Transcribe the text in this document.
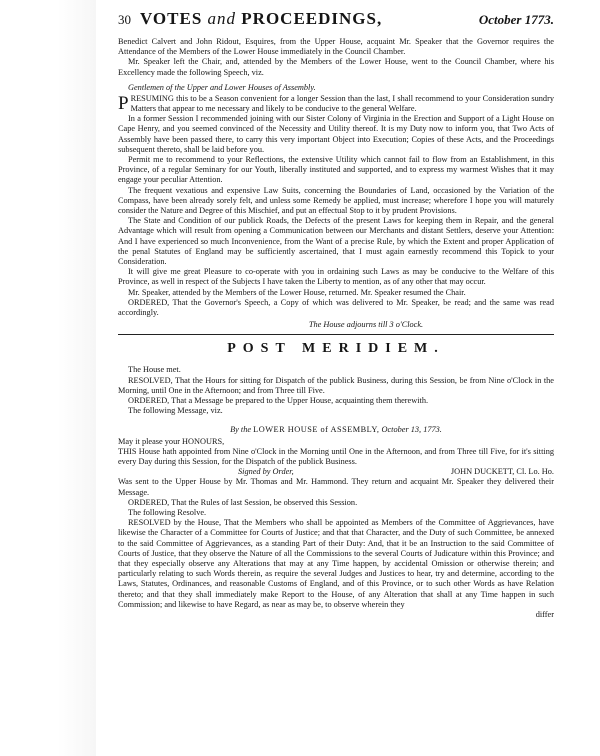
30 VOTES and PROCEEDINGS,	October 1773.

Benedict Calvert and John Ridout, Esquires, from the Upper House, acquaint Mr. Speaker that the Governor requires the Attendance of the Members of the Lower House immediately in the Council Chamber.

Mr. Speaker left the Chair, and, attended by the Members of the Lower House, went to the Council Chamber, where his Excellency made the following Speech, viz.

Gentlemen of the Upper and Lower Houses of Assembly.

PRESUMING this to be a Season convenient for a longer Session than the last, I shall recommend to your Consideration sundry Matters that appear to me necessary and likely to be conducive to the general Welfare.

In a former Session I recommended joining with our Sister Colony of Virginia in the Erection and Support of a Light House on Cape Henry, and you seemed convinced of the Necessity and Utility thereof. It is my Duty now to inform you, that Two Acts of Assembly have been passed there, to carry this very important Object into Execution; Copies of these Acts, and the Proceedings subsequent thereto, shall be laid before you.

Permit me to recommend to your Reflections, the extensive Utility which cannot fail to flow from an Establishment, in this Province, of a regular Seminary for our Youth, liberally instituted and supported, and to express my warmest Wishes that it may engage your peculiar Attention.

The frequent vexatious and expensive Law Suits, concerning the Boundaries of Land, occasioned by the Variation of the Compass, have been already sorely felt, and unless some Remedy be applied, must increase; wherefore I hope you will maturely consider the Nature and Degree of this Mischief, and put an effectual Stop to it by prudent Provisions.

The State and Condition of our publick Roads, the Defects of the present Laws for keeping them in Repair, and the general Advantage which will result from opening a Communication between our Merchants and distant Settlers, deserve your Attention: And I have experienced so much Inconvenience, from the Want of a precise Rule, by which the Extent and proper Application of the penal Statutes of England may be sufficiently ascertained, that I must again earnestly recommend this Topick to your Consideration.

It will give me great Pleasure to co-operate with you in ordaining such Laws as may be conducive to the Welfare of this Province, as well in respect of the Subjects I have taken the Liberty to mention, as of any other that may occur.

Mr. Speaker, attended by the Members of the Lower House, returned. Mr. Speaker resumed the Chair.

ORDERED, That the Governor's Speech, a Copy of which was delivered to Mr. Speaker, be read; and the same was read accordingly.

The House adjourns till 3 o'Clock.

POST MERIDIEM.

The House met.

RESOLVED, That the Hours for sitting for Dispatch of the publick Business, during this Session, be from Nine o'Clock in the Morning, until One in the Afternoon; and from Three till Five.

ORDERED, That a Message be prepared to the Upper House, acquainting them therewith.

The following Message, viz.

By the LOWER HOUSE of ASSEMBLY, October 13, 1773.

May it please your HONOURS,

THIS House hath appointed from Nine o'Clock in the Morning until One in the Afternoon, and from Three till Five, for it's sitting every Day during this Session, for the Dispatch of the publick Business.

Signed by Order,	JOHN DUCKETT, Cl. Lo. Ho.

Was sent to the Upper House by Mr. Thomas and Mr. Hammond. They return and acquaint Mr. Speaker they delivered their Message.

ORDERED, That the Rules of last Session, be observed this Session.

The following Resolve.

RESOLVED by the House, That the Members who shall be appointed as Members of the Committee of Aggrievances, have likewise the Character of a Committee for Courts of Justice; and that that Character, and the Duty of such Committee, be annexed to the said Committee of Aggrievances, as a standing Part of their Duty: And, that it be an Instruction to the said Committee of Courts of Justice, that they observe the Nature of all the Commissions to the several Courts of Judicature within this Province; and that they especially observe any Alterations that may at any Time happen, by accidental Omission or otherwise therein; and particularly relating to such Words therein, as require the several Judges and Justices to hear, try and determine, according to the Laws, Statutes, Ordinances, and reasonable Customs of England, and of this Province, or to such other Words as have Relation thereto; and that they shall immediately make Report to the House, of any Alteration that shall at any Time happen in such Commission; and likewise to have Regard, as near as may be, to observe wherein they

differ
